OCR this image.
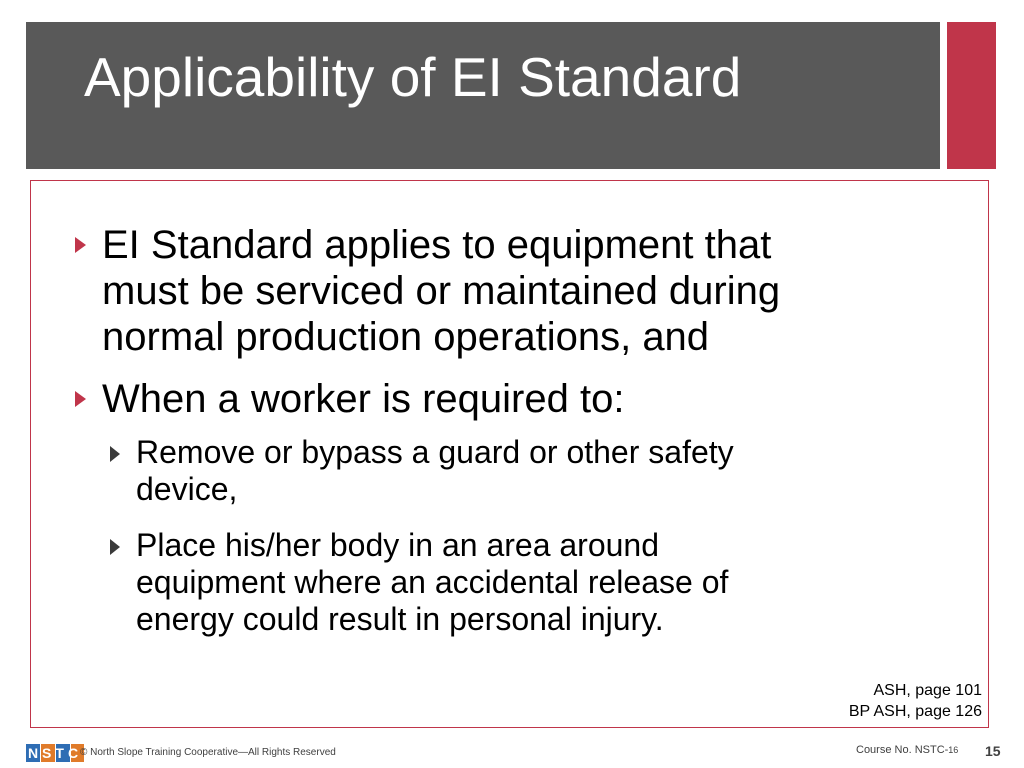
Applicability of EI Standard
EI Standard applies to equipment that
must be serviced or maintained during
normal production operations, and
When a worker is required to:
Remove or bypass a guard or other safety
device,
Place his/her body in an area around
equipment where an accidental release of
energy could result in personal injury.
ASH, page 101
BP ASH, page 126
NSTC
© North Slope Training Cooperative—All Rights Reserved	Course No. NSTC-16 15
